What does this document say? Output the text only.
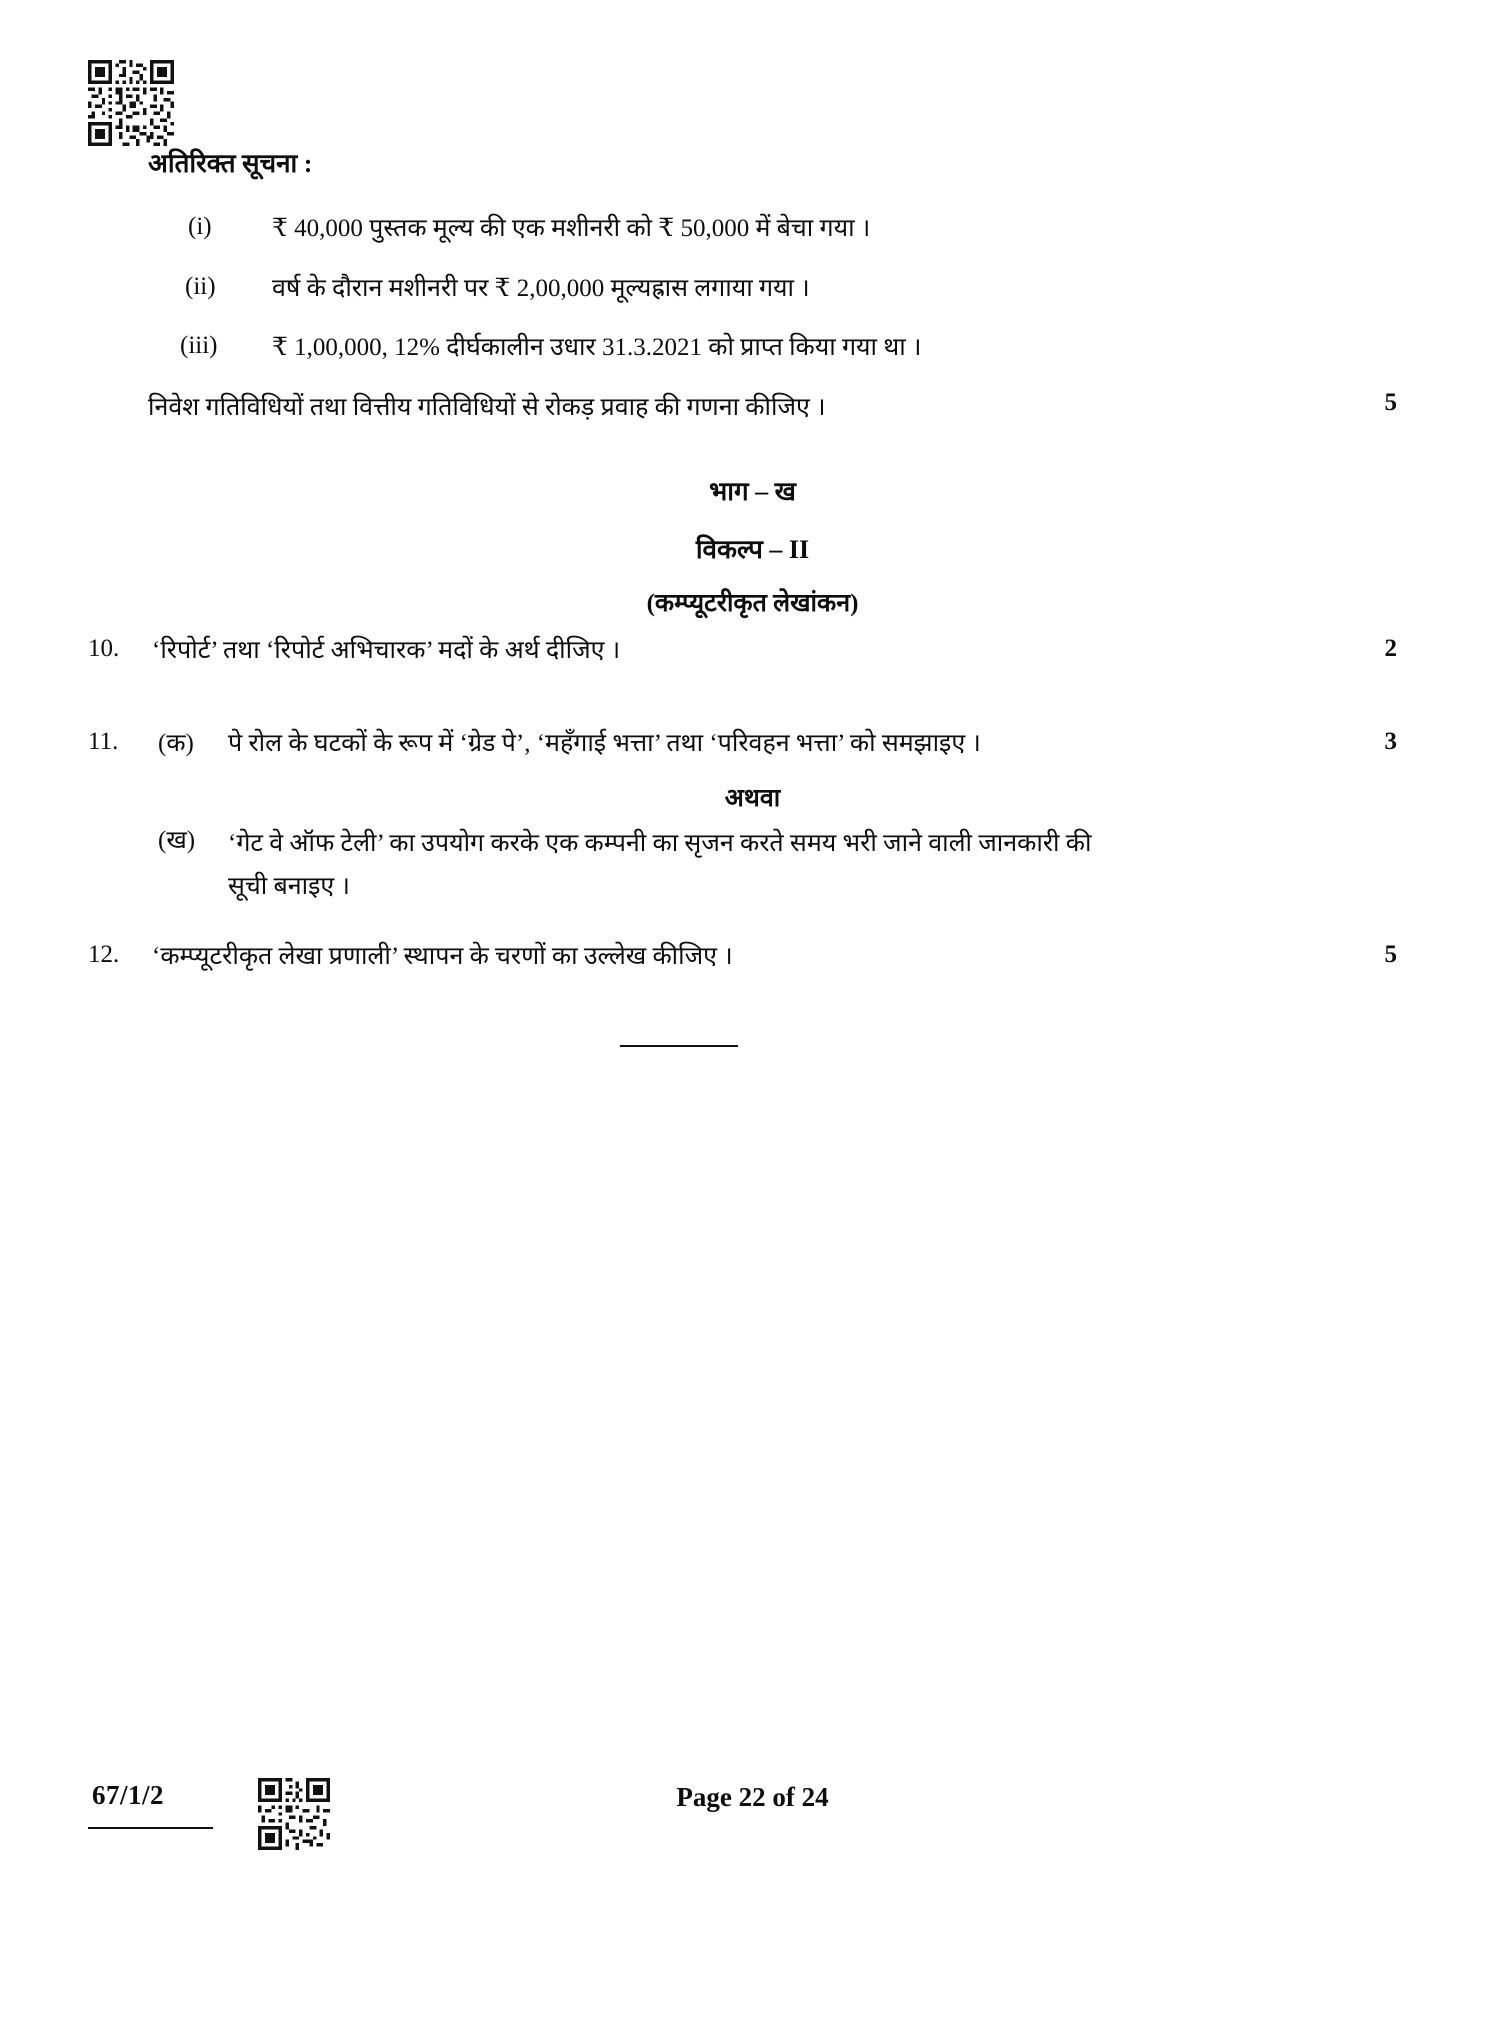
अतिरिक्त सूचना :
(i) ₹ 40,000 पुस्तक मूल्य की एक मशीनरी को ₹ 50,000 में बेचा गया ।
(ii) वर्ष के दौरान मशीनरी पर ₹ 2,00,000 मूल्यह्रास लगाया गया ।
(iii) ₹ 1,00,000, 12% दीर्घकालीन उधार 31.3.2021 को प्राप्त किया गया था ।
निवेश गतिविधियों तथा वित्तीय गतिविधियों से रोकड़ प्रवाह की गणना कीजिए ।	5
भाग – ख
विकल्प – II
(कम्प्यूटरीकृत लेखांकन)
10. ‘रिपोर्ट’ तथा ‘रिपोर्ट अभिचारक’ मदों के अर्थ दीजिए ।	2
11. (क) पे रोल के घटकों के रूप में ‘ग्रेड पे’, ‘महँगाई भत्ता’ तथा ‘परिवहन भत्ता’ को समझाइए ।	3
अथवा
(ख) ‘गेट वे ऑफ टेली’ का उपयोग करके एक कम्पनी का सृजन करते समय भरी जाने वाली जानकारी की सूची बनाइए ।
12. ‘कम्प्यूटरीकृत लेखा प्रणाली’ स्थापन के चरणों का उल्लेख कीजिए ।	5
67/1/2	Page 22 of 24
